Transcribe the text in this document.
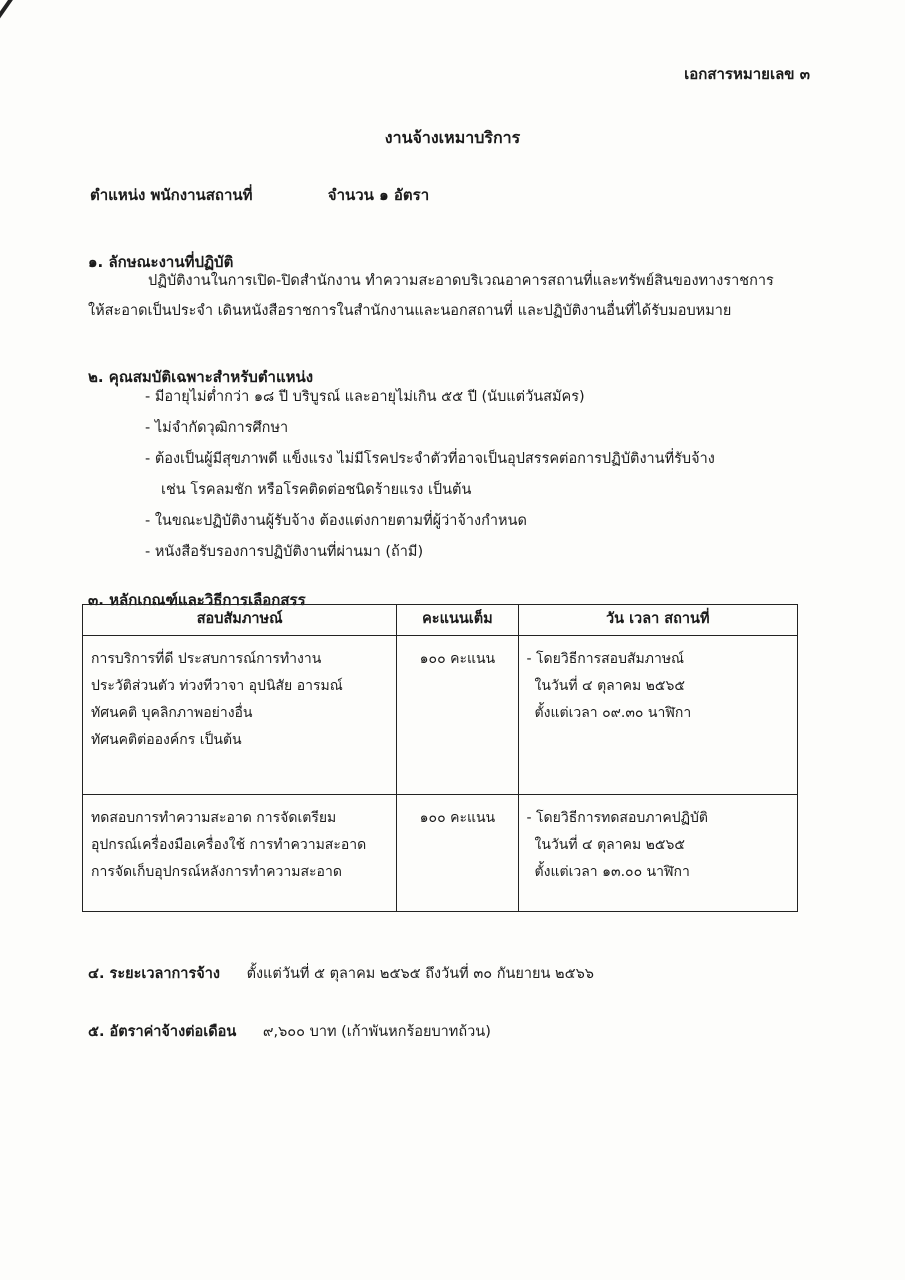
เอกสารหมายเลข ๓
งานจ้างเหมาบริการ
ตำแหน่ง พนักงานสถานที่	จำนวน ๑ อัตรา
๑. ลักษณะงานที่ปฏิบัติ
ปฏิบัติงานในการเปิด-ปิดสำนักงาน ทำความสะอาดบริเวณอาคารสถานที่และทรัพย์สินของทางราชการ
ให้สะอาดเป็นประจำ เดินหนังสือราชการในสำนักงานและนอกสถานที่ และปฏิบัติงานอื่นที่ได้รับมอบหมาย
๒. คุณสมบัติเฉพาะสำหรับตำแหน่ง
- มีอายุไม่ต่ำกว่า ๑๘ ปี บริบูรณ์ และอายุไม่เกิน ๕๕ ปี (นับแต่วันสมัคร)
- ไม่จำกัดวุฒิการศึกษา
- ต้องเป็นผู้มีสุขภาพดี แข็งแรง ไม่มีโรคประจำตัวที่อาจเป็นอุปสรรคต่อการปฏิบัติงานที่รับจ้าง
เช่น โรคลมชัก หรือโรคติดต่อชนิดร้ายแรง เป็นต้น
- ในขณะปฏิบัติงานผู้รับจ้าง ต้องแต่งกายตามที่ผู้ว่าจ้างกำหนด
- หนังสือรับรองการปฏิบัติงานที่ผ่านมา (ถ้ามี)
๓. หลักเกณฑ์และวิธีการเลือกสรร
สอบสัมภาษณ์	คะแนนเต็ม	วัน เวลา สถานที่

การบริการที่ดี ประสบการณ์การทำงาน
ประวัติส่วนตัว ท่วงทีวาจา อุปนิสัย อารมณ์
ทัศนคติ บุคลิกภาพอย่างอื่น
ทัศนคติต่อองค์กร เป็นต้น	๑๐๐ คะแนน	- โดยวิธีการสอบสัมภาษณ์
ในวันที่ ๔ ตุลาคม ๒๕๖๕
ตั้งแต่เวลา ๐๙.๓๐ นาฬิกา

ทดสอบการทำความสะอาด การจัดเตรียม
อุปกรณ์เครื่องมือเครื่องใช้ การทำความสะอาด
การจัดเก็บอุปกรณ์หลังการทำความสะอาด	๑๐๐ คะแนน	- โดยวิธีการทดสอบภาคปฏิบัติ
ในวันที่ ๔ ตุลาคม ๒๕๖๕
ตั้งแต่เวลา ๑๓.๐๐ นาฬิกา
๔. ระยะเวลาการจ้าง ตั้งแต่วันที่ ๕ ตุลาคม ๒๕๖๕ ถึงวันที่ ๓๐ กันยายน ๒๕๖๖
๕. อัตราค่าจ้างต่อเดือน ๙,๖๐๐ บาท (เก้าพันหกร้อยบาทถ้วน)
